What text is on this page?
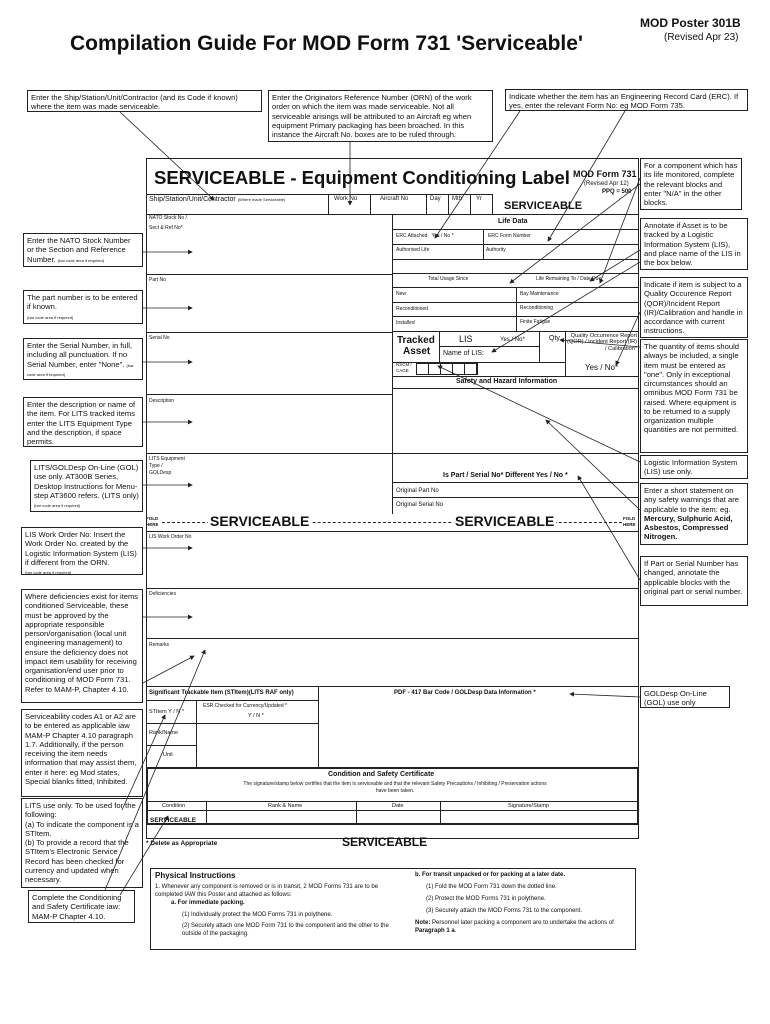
Compilation Guide For MOD Form 731 'Serviceable'
MOD Poster 301B
(Revised Apr 23)
SERVICEABLE - Equipment Conditioning Label MOD Form 731
(Revised Apr 12)
PPQ = 500
SERVICEABLE
Ship/Station/Unit/Contractor (Where made Serviceable)	Work No	Aircraft No	Day Mth Yr
NATO Stock No /
Sect & Ref No*
Part No
Serial No
Description
LITS Equipment
Type /
GOLDesp
Life Data
ERC Attached Yes / No *	ERC Form Number
Authorised Life	Authority
Total Usage Since	Life Remaining To / Date Due
New	Bay Maintenance
Reconditioned	Reconditioning
Installed	Finite Fatigue
Tracked
Asset
LIS	Yes / No*
Name of LIS:
Qty	Quality Occurrence Report (QOR) / Incident Report (IR) / Calibration*
Yes / No*
NSCM /
CAGE
Safety and Hazard Information
Is Part / Serial No* Different Yes / No *
Original Part No
Original Serial No
FOLD
HERE	SERVICEABLE	SERVICEABLE	FOLD
HERE
LIS Work Order No
Deficiencies
Remarks
Significant Trackable Item (STItem)(LITS RAF only)	PDF - 417 Bar Code / GOLDesp Data Information *
STItem Y / N *
ESR Checked for Currency/Updated *
Y / N *
Rank/Name
Unit
Condition and Safety Certificate
The signature/stamp below certifies that the item is serviceable and that the relevant Safety Precautions / Inhibiting / Preservation actions have been taken.
Condition	Rank & Name	Date	Signature/Stamp
SERVICEABLE
* Delete as Appropriate	SERVICEABLE
Physical Instructions
1. Whenever any component is removed or is in transit, 2 MOD Forms 731 are to be completed IAW this Poster and attached as follows:
a. For immediate packing.
(1) Individually protect the MOD Forms 731 in polythene.
(2) Securely attach one MOD Form 731 to the component and the other to the outside of the packaging.
b. For transit unpacked or for packing at a later date.
(1) Fold the MOD Form 731 down the dotted line.
(2) Protect the MOD Forms 731 in polythene.
(3) Securely attach the MOD Forms 731 to the component.
Note: Personnel later packing a component are to undertake the actions of Paragraph 1 a.
Enter the Ship/Station/Unit/Contractor (and its Code if known) where the item was made serviceable.
Enter the Originators Reference Number (ORN) of the work order on which the item was made serviceable. Not all serviceable arisings will be attributed to an Aircraft eg when equipment Primary packaging has been broached. In this instance the Aircraft No. boxes are to be ruled through.
Indicate whether the item has an Engineering Record Card (ERC). If yes, enter the relevant Form No: eg MOD Form 735.
For a component which has its life monitored, complete the relevant blocks and enter "N/A" in the other blocks.
Annotate if Asset is to be tracked by a Logistic Information System (LIS), and place name of the LIS in the box below.
Indicate if item is subject to a Quality Occurence Report (QOR)/Incident Report (IR)/Calibration and handle in accordance with current instructions.
The quantity of items should always be included, a single item must be entered as "one". Only in exceptional circumstances should an omnibus MOD Form 731 be raised. Where equipment is to be returned to a supply organization multiple quantities are not permitted.
Logistic Information System (LIS) use only.
Enter a short statement on any safety warnings that are applicable to the item: eg. Mercury, Sulphuric Acid, Asbestos, Compressed Nitrogen.
If Part or Serial Number has changed, annotate the applicable blocks with the original part or serial number.
GOLDesp On-Line (GOL) use only
Enter the NATO Stock Number or the Section and Reference Number. (bar code area if required)
The part number is to be entered if known.
(bar code area if required)
Enter the Serial Number, in full, including all punctuation. If no Serial Number, enter "None". (bar code area if required)
Enter the description or name of the item. For LITS tracked items enter the LITS Equipment Type and the description, if space permits.
LITS/GOLDesp On-Line (GOL) use only. AT300B Series, Desktop Instructions for Menu-step AT3600 refers. (LITS only)(bar code area if required)
LIS Work Order No: Insert the Work Order No. created by the Logistic Information System (LIS) if different from the ORN.
(bar code area if required)
Where deficiencies exist for items conditioned Serviceable, these must be approved by the appropriate responsible person/organisation (local unit engineering management) to ensure the deficiency does not impact item usability for receiving organisation/end user prior to conditioning of MOD Form 731. Refer to MAM-P, Chapter 4.10.
Serviceability codes A1 or A2 are to be entered as applicable iaw MAM-P Chapter 4.10 paragraph 1.7. Additionally, if the person receiving the item needs information that may assist them, enter it here: eg Mod states, Special blanks fitted, Inhibited.
LITS use only. To be used for the following:
(a) To indicate the component is a STItem.
(b) To provide a record that the STItem's Electronic Service Record has been checked for currency and updated when necessary.
Complete the Conditioning and Safety Certificate iaw: MAM-P Chapter 4.10.
